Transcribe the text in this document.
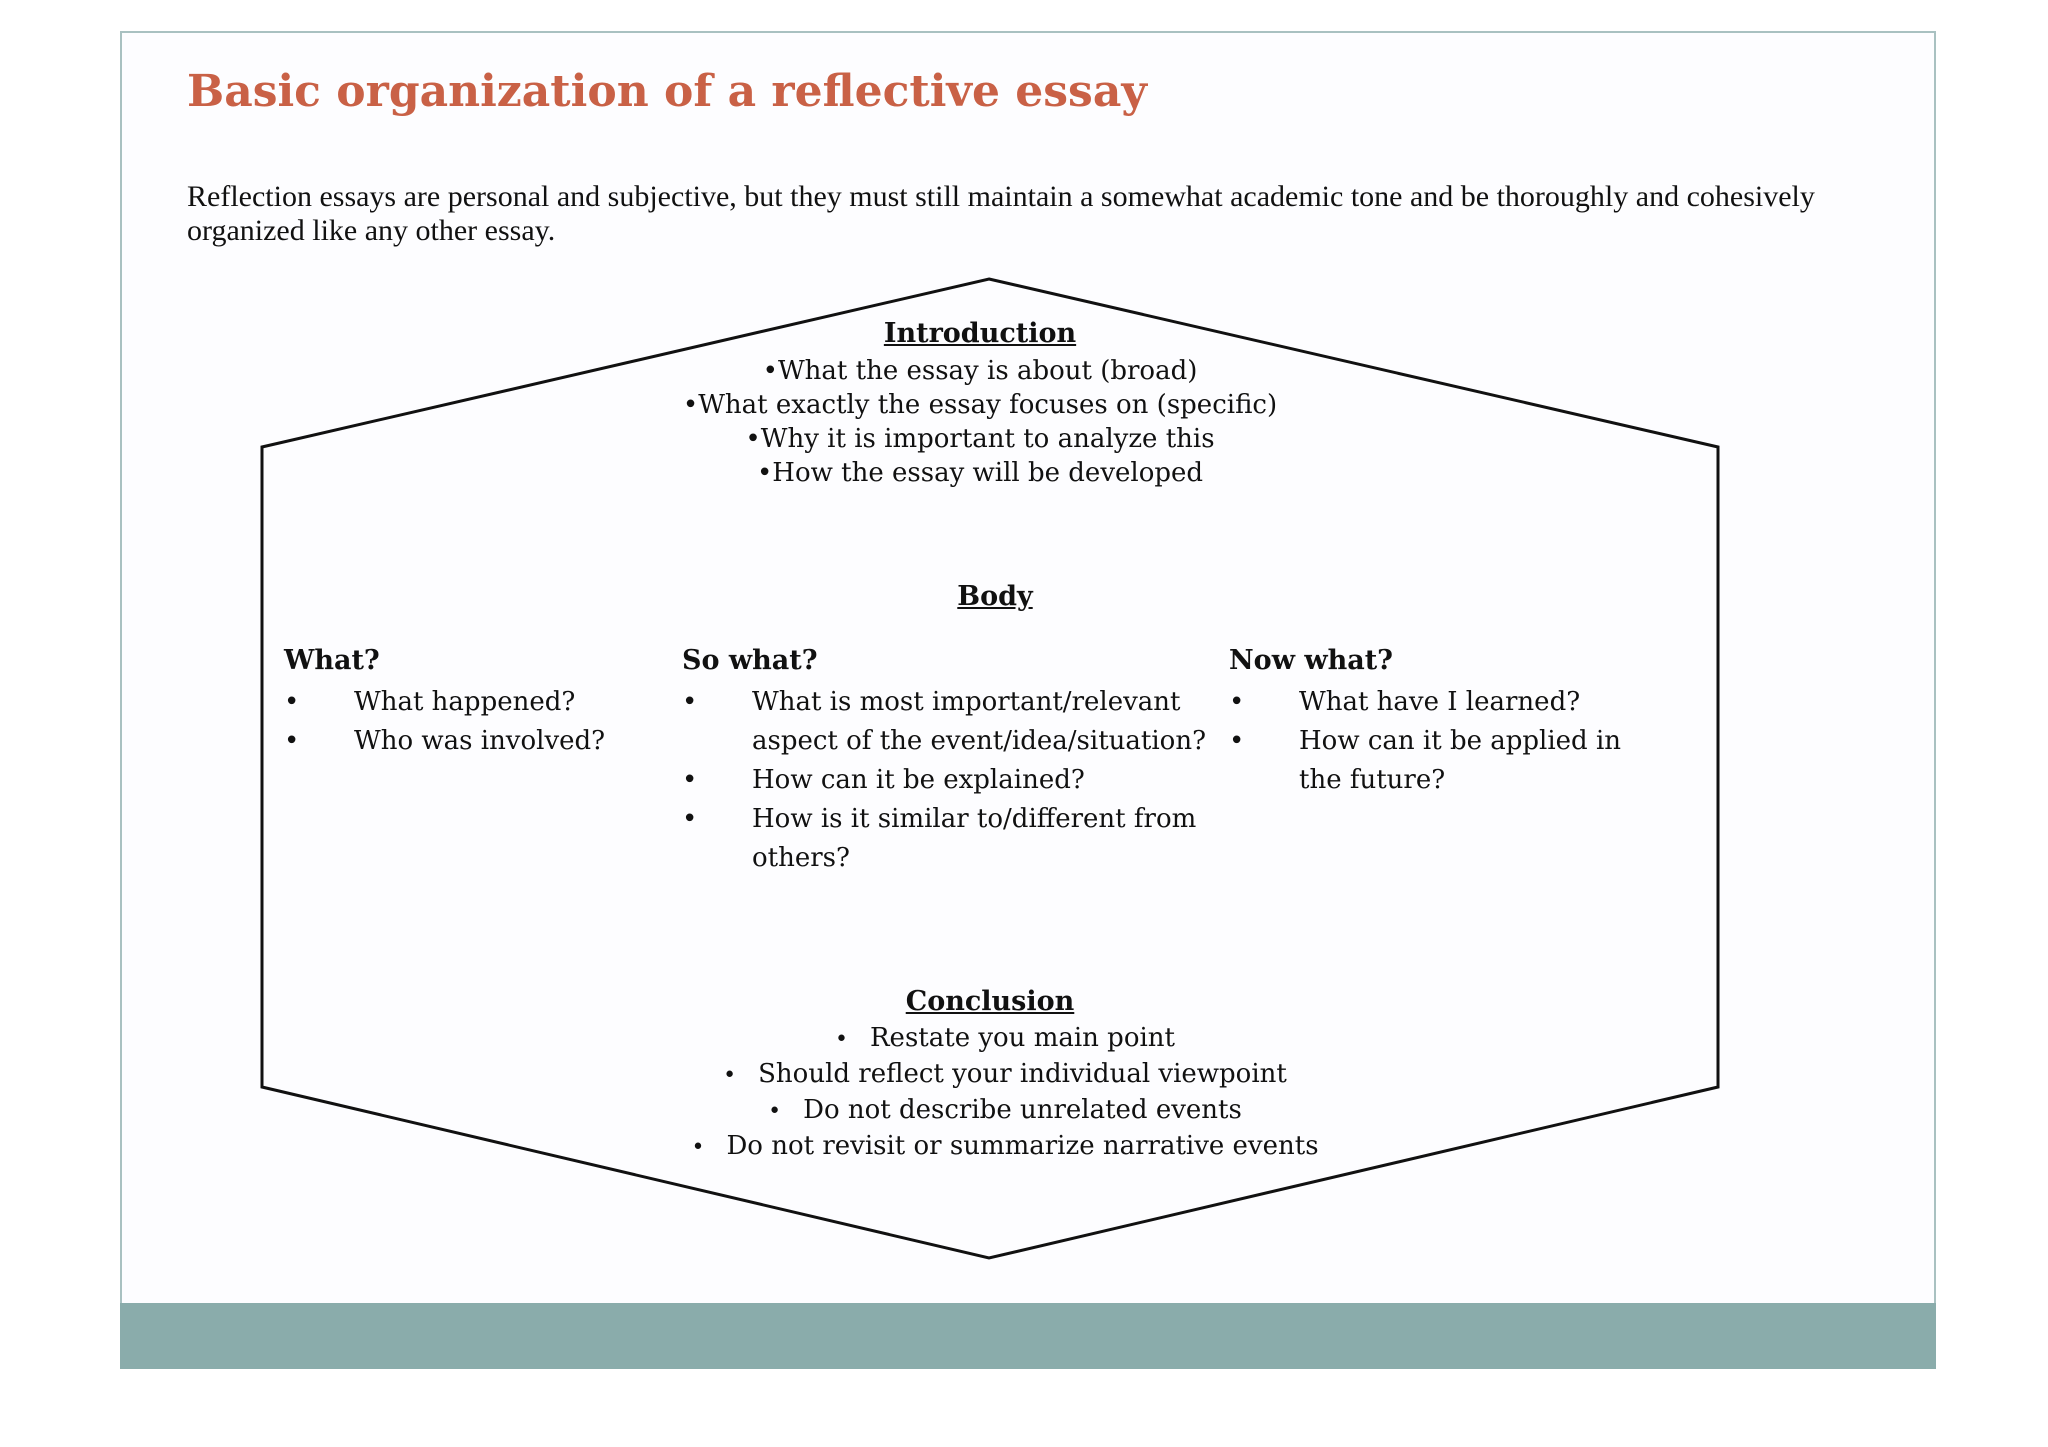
Basic organization of a reflective essay

Reflection essays are personal and subjective, but they must still maintain a somewhat academic tone and be thoroughly and cohesively organized like any other essay.

Introduction
•What the essay is about (broad)
•What exactly the essay focuses on (specific)
•Why it is important to analyze this
•How the essay will be developed
Body
What?
• What happened?
• Who was involved?
So what?
• What is most important/relevant aspect of the event/idea/situation?
• How can it be explained?
• How is it similar to/different from others?
Now what?
• What have I learned?
• How can it be applied in the future?
Conclusion
• Restate you main point
• Should reflect your individual viewpoint
• Do not describe unrelated events
• Do not revisit or summarize narrative events
